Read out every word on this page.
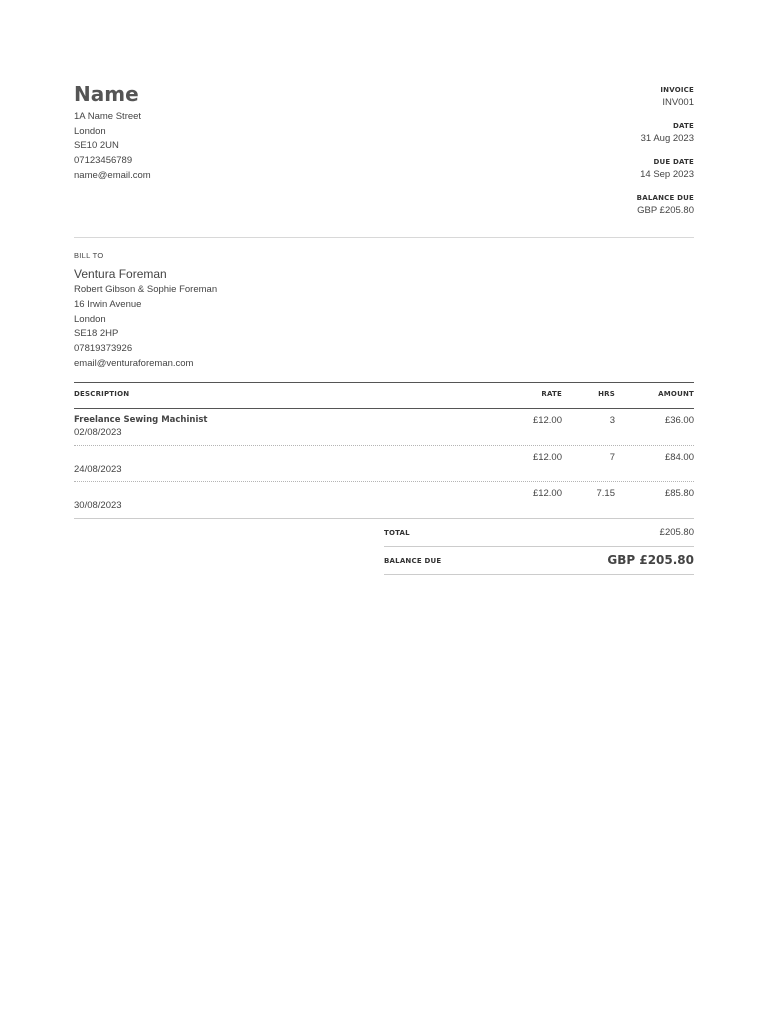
Name
1A Name Street
London
SE10 2UN
07123456789
name@email.com
INVOICE
INV001
DATE
31 Aug 2023
DUE DATE
14 Sep 2023
BALANCE DUE
GBP £205.80
BILL TO
Ventura Foreman
Robert Gibson & Sophie Foreman
16 Irwin Avenue
London
SE18 2HP
07819373926
email@venturaforeman.com
DESCRIPTION	RATE	HRS	AMOUNT
Freelance Sewing Machinist
02/08/2023
£12.00	3	£36.00
24/08/2023
£12.00	7	£84.00
30/08/2023
£12.00	7.15	£85.80
TOTAL	£205.80
BALANCE DUE	GBP £205.80
